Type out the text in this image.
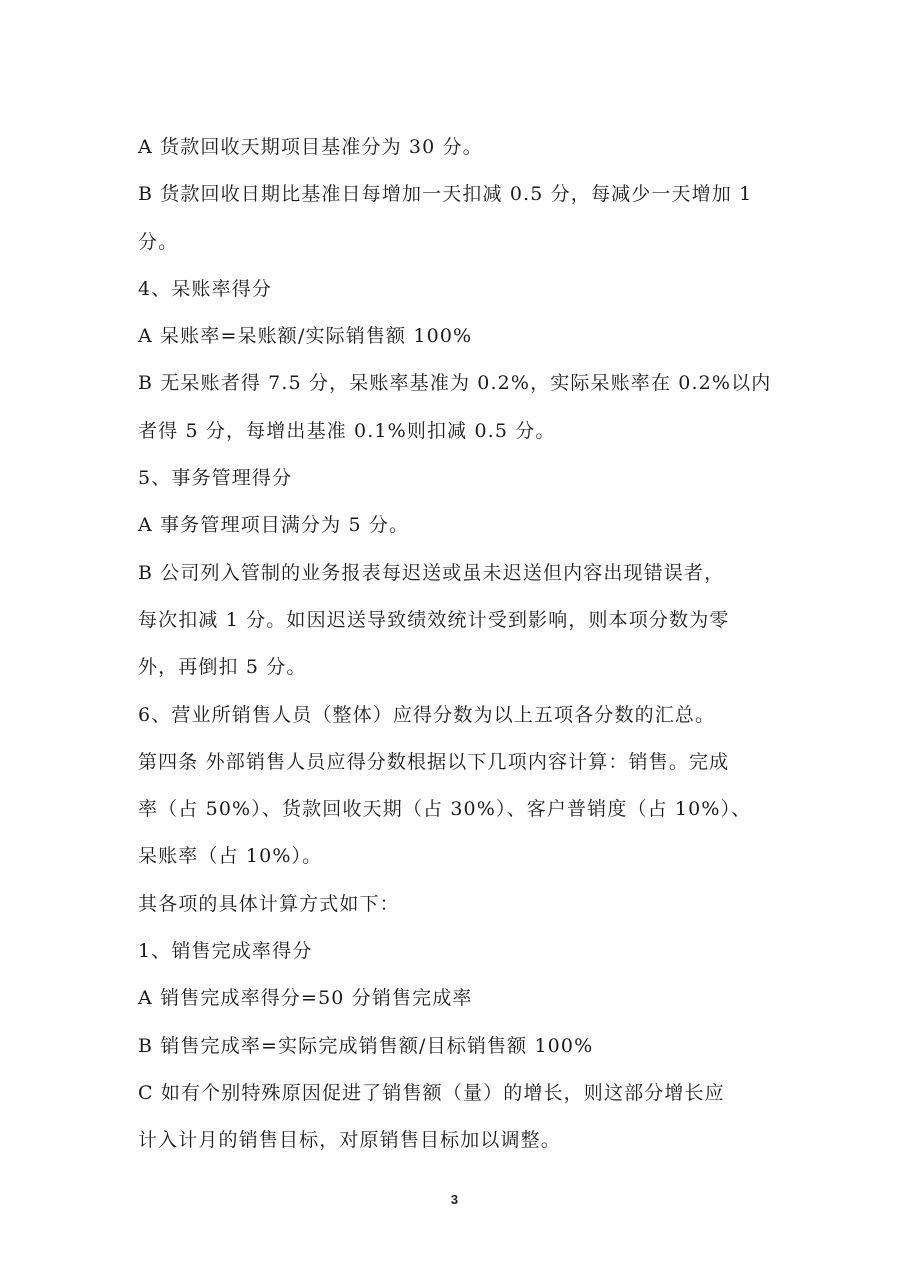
A 货款回收天期项目基准分为 30 分。
B 货款回收日期比基准日每增加一天扣减 0.5 分，每减少一天增加 1
分。
4、呆账率得分
A 呆账率=呆账额/实际销售额 100%
B 无呆账者得 7.5 分，呆账率基准为 0.2%，实际呆账率在 0.2%以内
者得 5 分，每增出基准 0.1%则扣减 0.5 分。
5、事务管理得分
A 事务管理项目满分为 5 分。
B 公司列入管制的业务报表每迟送或虽未迟送但内容出现错误者，
每次扣减 1 分。如因迟送导致绩效统计受到影响，则本项分数为零
外，再倒扣 5 分。
6、营业所销售人员（整体）应得分数为以上五项各分数的汇总。
第四条 外部销售人员应得分数根据以下几项内容计算：销售。完成
率（占 50%）、货款回收天期（占 30%）、客户普销度（占 10%）、
呆账率（占 10%）。
其各项的具体计算方式如下：
1、销售完成率得分
A 销售完成率得分=50 分销售完成率
B 销售完成率=实际完成销售额/目标销售额 100%
C 如有个别特殊原因促进了销售额（量）的增长，则这部分增长应
计入计月的销售目标，对原销售目标加以调整。
3
